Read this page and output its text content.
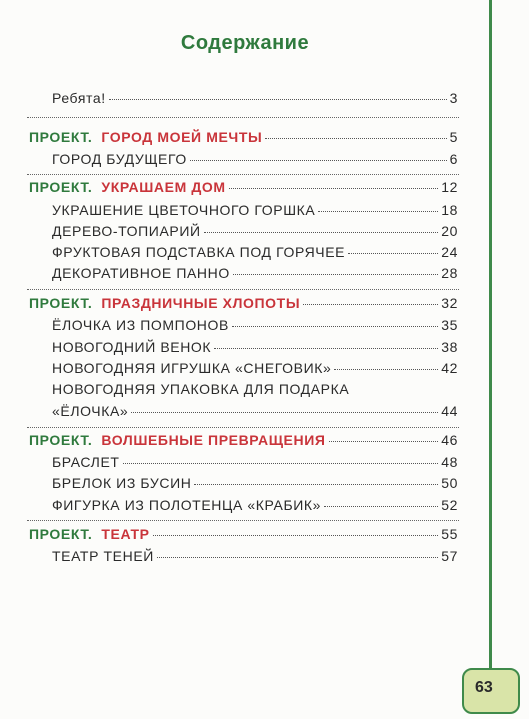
Содержание
Ребята!	3
ПРОЕКТ. ГОРОД МОЕЙ МЕЧТЫ	5
ГОРОД БУДУЩЕГО	6
ПРОЕКТ. УКРАШАЕМ ДОМ	12
УКРАШЕНИЕ ЦВЕТОЧНОГО ГОРШКА	18
ДЕРЕВО-ТОПИАРИЙ	20
ФРУКТОВАЯ ПОДСТАВКА ПОД ГОРЯЧЕЕ	24
ДЕКОРАТИВНОЕ ПАННО	28
ПРОЕКТ. ПРАЗДНИЧНЫЕ ХЛОПОТЫ	32
ЁЛОЧКА ИЗ ПОМПОНОВ	35
НОВОГОДНИЙ ВЕНОК	38
НОВОГОДНЯЯ ИГРУШКА «СНЕГОВИК»	42
НОВОГОДНЯЯ УПАКОВКА ДЛЯ ПОДАРКА
«ЁЛОЧКА»	44
ПРОЕКТ. ВОЛШЕБНЫЕ ПРЕВРАЩЕНИЯ	46
БРАСЛЕТ	48
БРЕЛОК ИЗ БУСИН	50
ФИГУРКА ИЗ ПОЛОТЕНЦА «КРАБИК»	52
ПРОЕКТ. ТЕАТР	55
ТЕАТР ТЕНЕЙ	57
63
